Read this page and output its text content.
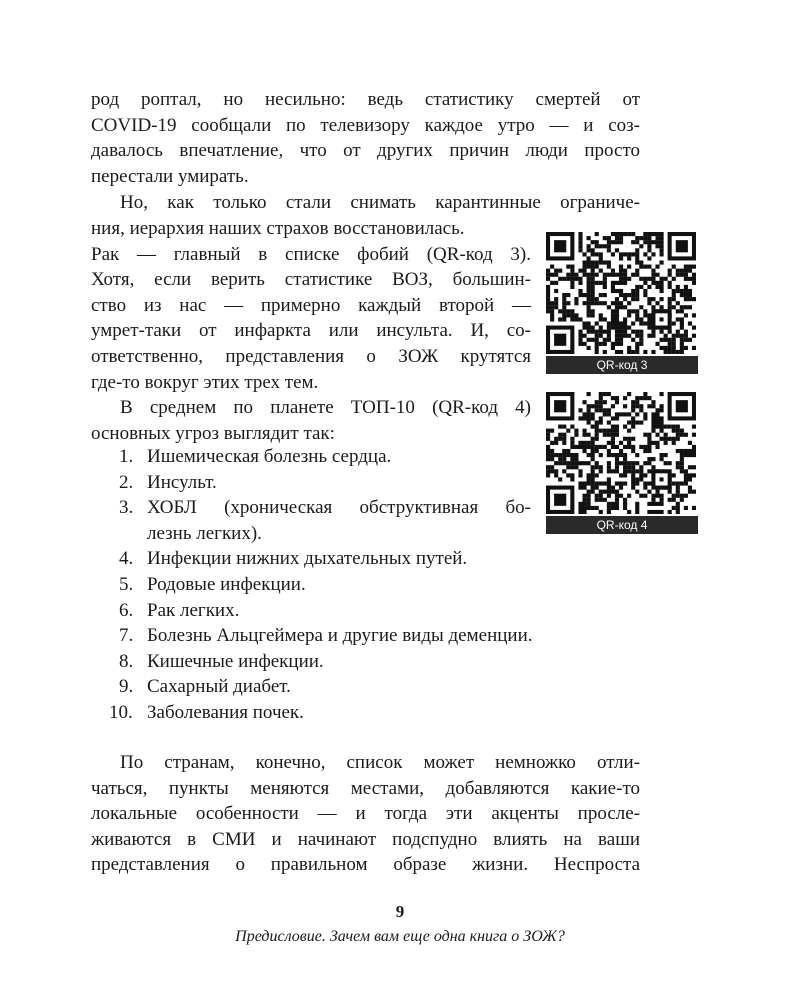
род роптал, но несильно: ведь статистику смертей от
COVID-19 сообщали по телевизору каждое утро — и соз-
давалось впечатление, что от других причин люди просто
перестали умирать.
Но, как только стали снимать карантинные ограниче-
ния, иерархия наших страхов восстановилась.
Рак — главный в списке фобий (QR-код 3).
Хотя, если верить статистике ВОЗ, большин-
ство из нас — примерно каждый второй —
умрет-таки от инфаркта или инсульта. И, со-
ответственно, представления о ЗОЖ крутятся
где-то вокруг этих трех тем.
В среднем по планете ТОП-10 (QR-код 4)
основных угроз выглядит так:
1. Ишемическая болезнь сердца.
2. Инсульт.
3. ХОБЛ (хроническая обструктивная бо-
лезнь легких).
4. Инфекции нижних дыхательных путей.
5. Родовые инфекции.
6. Рак легких.
7. Болезнь Альцгеймера и другие виды деменции.
8. Кишечные инфекции.
9. Сахарный диабет.
10. Заболевания почек.
По странам, конечно, список может немножко отли-
чаться, пункты меняются местами, добавляются какие-то
локальные особенности — и тогда эти акценты просле-
живаются в СМИ и начинают подспудно влиять на ваши
представления о правильном образе жизни. Неспроста
QR-код 3
QR-код 4
9
Предисловие. Зачем вам еще одна книга о ЗОЖ?
